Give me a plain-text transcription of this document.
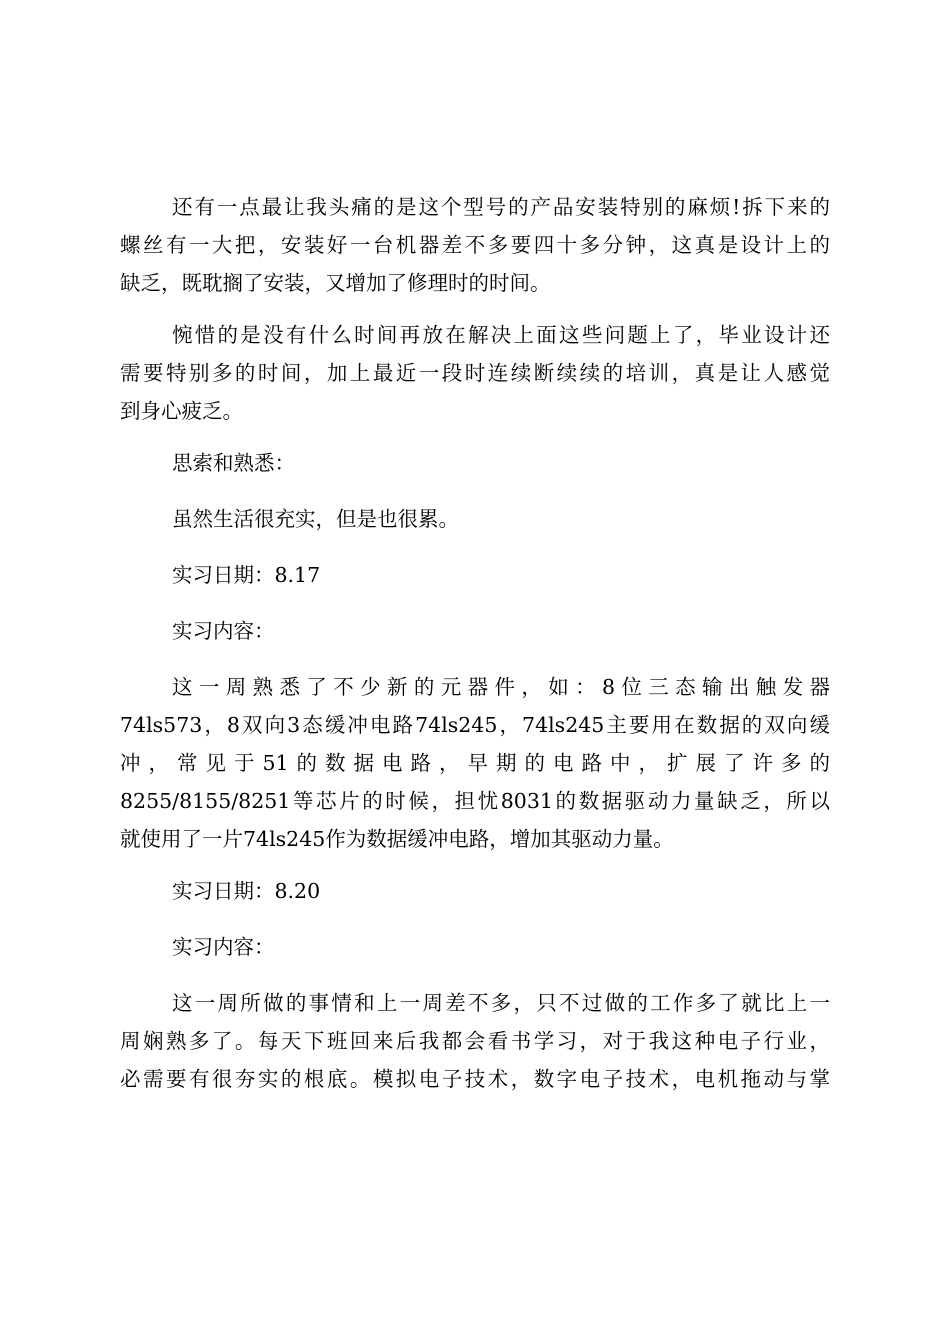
还有一点最让我头痛的是这个型号的产品安装特别的麻烦!拆下来的
螺丝有一大把，安装好一台机器差不多要四十多分钟，这真是设计上的
缺乏，既耽搁了安装，又增加了修理时的时间。
惋惜的是没有什么时间再放在解决上面这些问题上了，毕业设计还
需要特别多的时间，加上最近一段时连续断续续的培训，真是让人感觉
到身心疲乏。
思索和熟悉：
虽然生活很充实，但是也很累。
实习日期：8.17
实习内容：
这一周熟悉了不少新的元器件，如：8位三态输出触发器
74ls573，8双向3态缓冲电路74ls245，74ls245主要用在数据的双向缓
冲，常见于51的数据电路，早期的电路中，扩展了许多的
8255/8155/8251等芯片的时候，担忧8031的数据驱动力量缺乏，所以
就使用了一片74ls245作为数据缓冲电路，增加其驱动力量。
实习日期：8.20
实习内容：
这一周所做的事情和上一周差不多，只不过做的工作多了就比上一
周娴熟多了。每天下班回来后我都会看书学习，对于我这种电子行业，
必需要有很夯实的根底。模拟电子技术，数字电子技术，电机拖动与掌
